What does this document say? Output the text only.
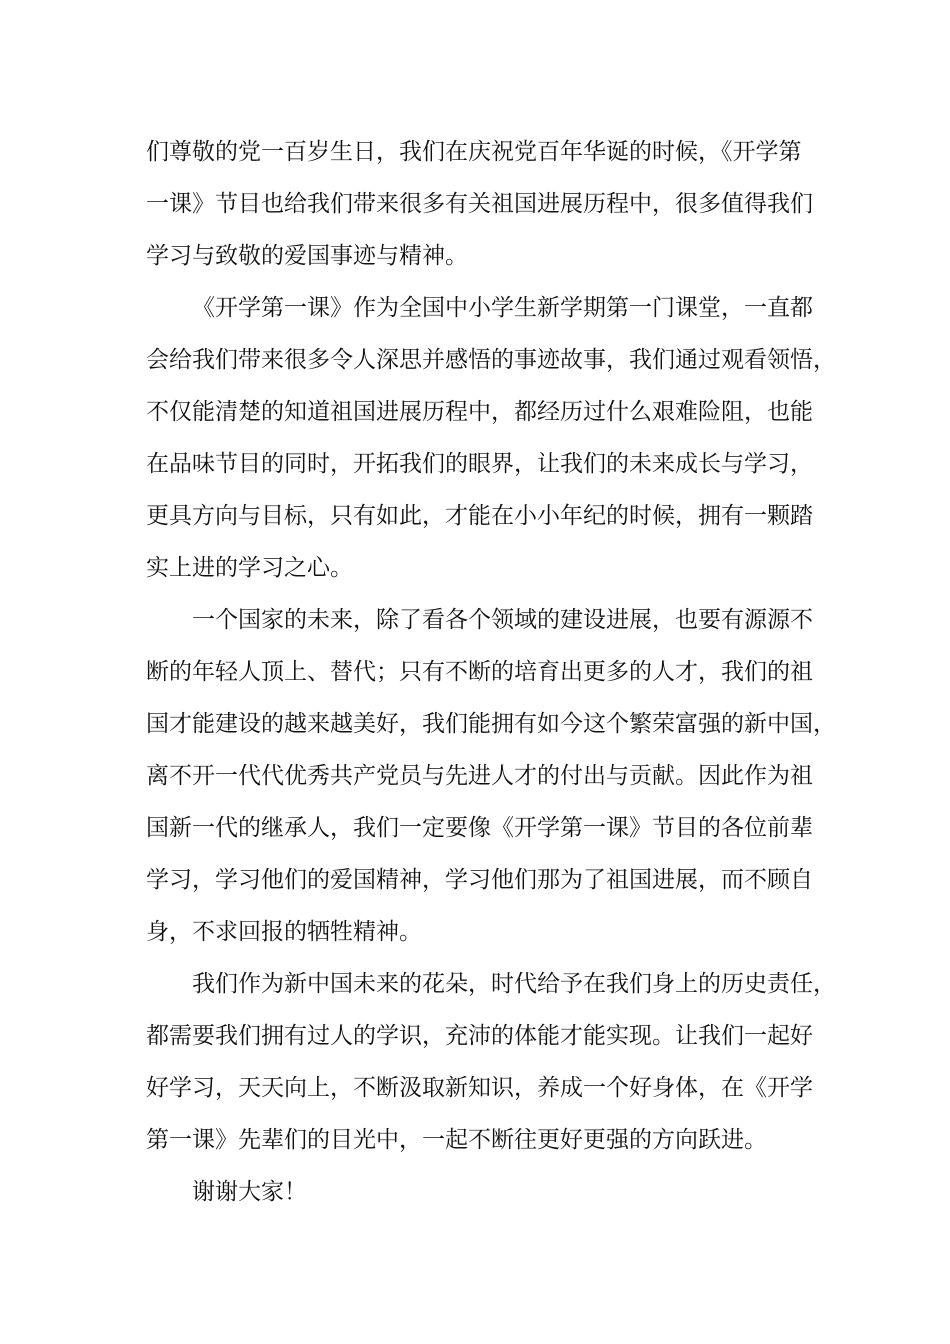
们尊敬的党一百岁生日，我们在庆祝党百年华诞的时候，《开学第
一课》节目也给我们带来很多有关祖国进展历程中，很多值得我们
学习与致敬的爱国事迹与精神。
《开学第一课》作为全国中小学生新学期第一门课堂，一直都
会给我们带来很多令人深思并感悟的事迹故事，我们通过观看领悟，
不仅能清楚的知道祖国进展历程中，都经历过什么艰难险阻，也能
在品味节目的同时，开拓我们的眼界，让我们的未来成长与学习，
更具方向与目标，只有如此，才能在小小年纪的时候，拥有一颗踏
实上进的学习之心。
一个国家的未来，除了看各个领域的建设进展，也要有源源不
断的年轻人顶上、替代；只有不断的培育出更多的人才，我们的祖
国才能建设的越来越美好，我们能拥有如今这个繁荣富强的新中国，
离不开一代代优秀共产党员与先进人才的付出与贡献。因此作为祖
国新一代的继承人，我们一定要像《开学第一课》节目的各位前辈
学习，学习他们的爱国精神，学习他们那为了祖国进展，而不顾自
身，不求回报的牺牲精神。
我们作为新中国未来的花朵，时代给予在我们身上的历史责任，
都需要我们拥有过人的学识，充沛的体能才能实现。让我们一起好
好学习，天天向上，不断汲取新知识，养成一个好身体，在《开学
第一课》先辈们的目光中，一起不断往更好更强的方向跃进。
谢谢大家！
